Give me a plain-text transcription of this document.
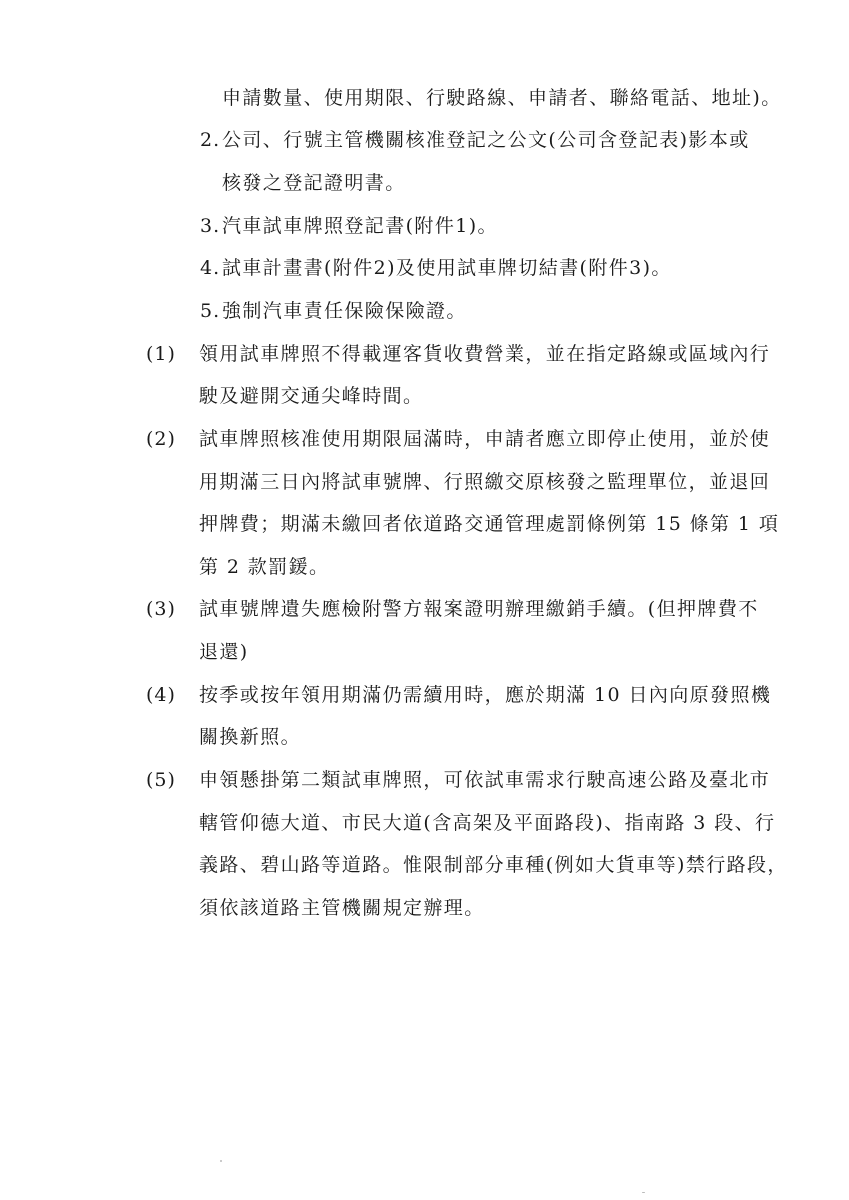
申請數量、使用期限、行駛路線、申請者、聯絡電話、地址)。
2. 公司、行號主管機關核准登記之公文(公司含登記表)影本或
核發之登記證明書。
3. 汽車試車牌照登記書(附件1)。
4. 試車計畫書(附件2)及使用試車牌切結書(附件3)。
5. 強制汽車責任保險保險證。
(1) 領用試車牌照不得載運客貨收費營業，並在指定路線或區域內行
駛及避開交通尖峰時間。
(2) 試車牌照核准使用期限屆滿時，申請者應立即停止使用，並於使
用期滿三日內將試車號牌、行照繳交原核發之監理單位，並退回
押牌費；期滿未繳回者依道路交通管理處罰條例第 15 條第 1 項
第 2 款罰鍰。
(3) 試車號牌遺失應檢附警方報案證明辦理繳銷手續。(但押牌費不
退還)
(4) 按季或按年領用期滿仍需續用時，應於期滿 10 日內向原發照機
關換新照。
(5) 申領懸掛第二類試車牌照，可依試車需求行駛高速公路及臺北市
轄管仰德大道、市民大道(含高架及平面路段)、指南路 3 段、行
義路、碧山路等道路。惟限制部分車種(例如大貨車等)禁行路段，
須依該道路主管機關規定辦理。
